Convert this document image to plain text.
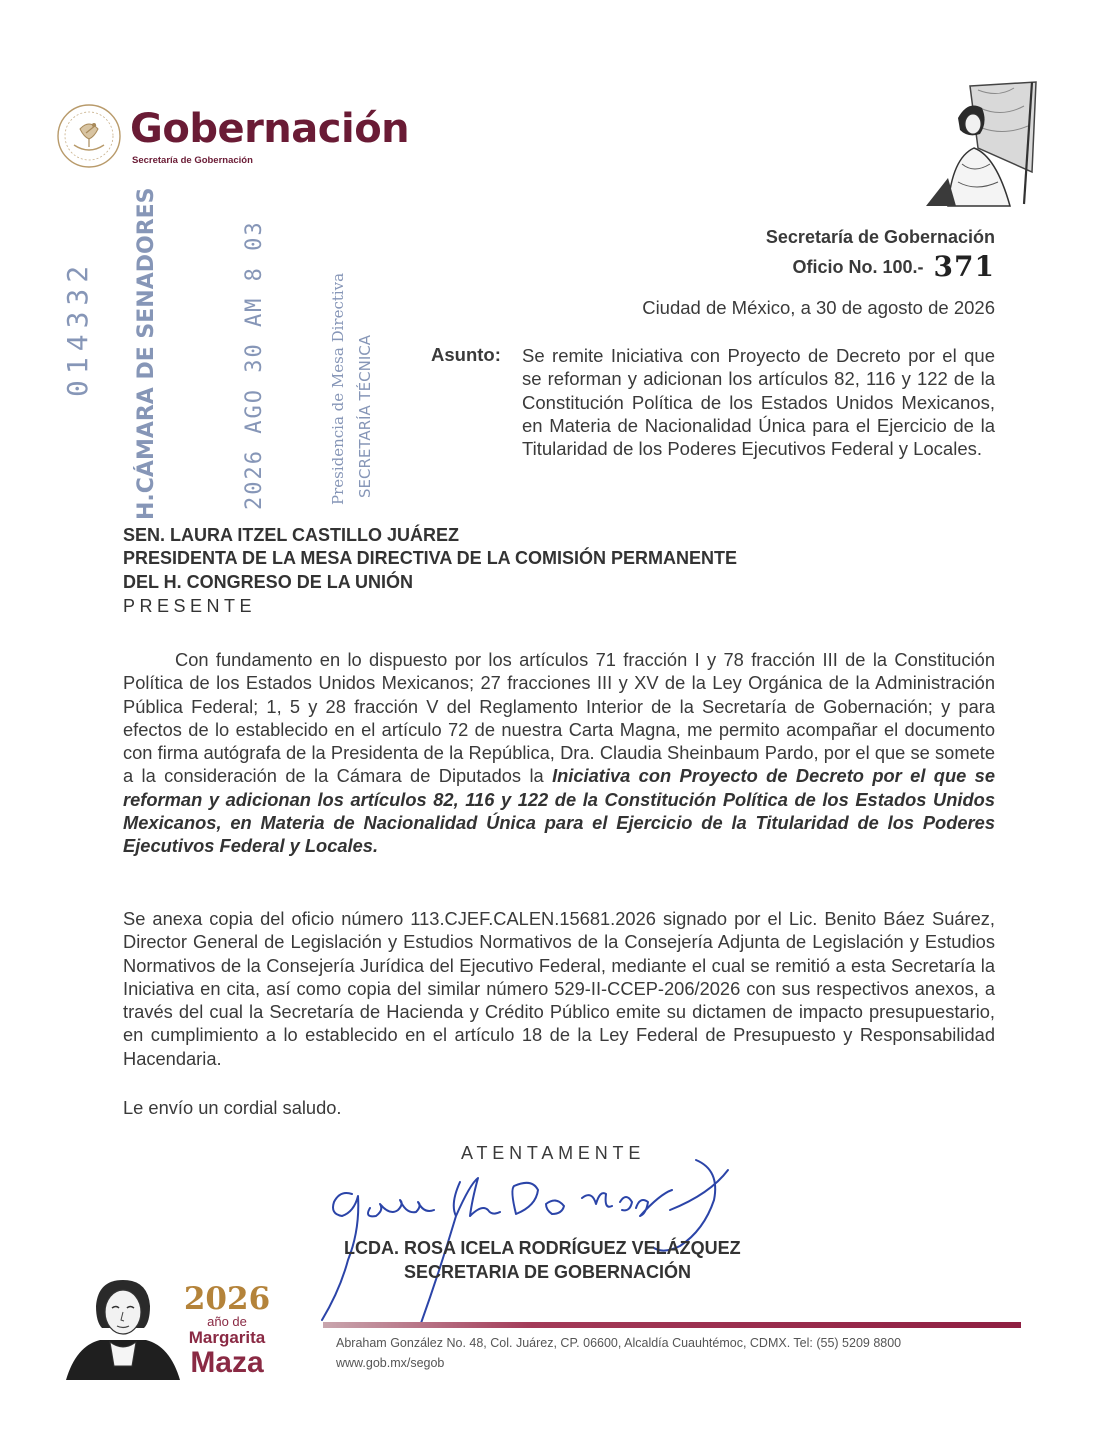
Gobernación
Secretaría de Gobernación
014332 H.CÁMARA DE SENADORES	2026 AGO 30 AM 8 03	Presidencia de Mesa Directiva SECRETARÍA TÉCNICA
Secretaría de Gobernación
Oficio No. 100.- 371
Ciudad de México, a 30 de agosto de 2026
Asunto: Se remite Iniciativa con Proyecto de Decreto por el que se reforman y adicionan los artículos 82, 116 y 122 de la Constitución Política de los Estados Unidos Mexicanos, en Materia de Nacionalidad Única para el Ejercicio de la Titularidad de los Poderes Ejecutivos Federal y Locales.
SEN. LAURA ITZEL CASTILLO JUÁREZ
PRESIDENTA DE LA MESA DIRECTIVA DE LA COMISIÓN PERMANENTE
DEL H. CONGRESO DE LA UNIÓN
PRESENTE
Con fundamento en lo dispuesto por los artículos 71 fracción I y 78 fracción III de la Constitución Política de los Estados Unidos Mexicanos; 27 fracciones III y XV de la Ley Orgánica de la Administración Pública Federal; 1, 5 y 28 fracción V del Reglamento Interior de la Secretaría de Gobernación; y para efectos de lo establecido en el artículo 72 de nuestra Carta Magna, me permito acompañar el documento con firma autógrafa de la Presidenta de la República, Dra. Claudia Sheinbaum Pardo, por el que se somete a la consideración de la Cámara de Diputados la Iniciativa con Proyecto de Decreto por el que se reforman y adicionan los artículos 82, 116 y 122 de la Constitución Política de los Estados Unidos Mexicanos, en Materia de Nacionalidad Única para el Ejercicio de la Titularidad de los Poderes Ejecutivos Federal y Locales.
Se anexa copia del oficio número 113.CJEF.CALEN.15681.2026 signado por el Lic. Benito Báez Suárez, Director General de Legislación y Estudios Normativos de la Consejería Adjunta de Legislación y Estudios Normativos de la Consejería Jurídica del Ejecutivo Federal, mediante el cual se remitió a esta Secretaría la Iniciativa en cita, así como copia del similar número 529-II-CCEP-206/2026 con sus respectivos anexos, a través del cual la Secretaría de Hacienda y Crédito Público emite su dictamen de impacto presupuestario, en cumplimiento a lo establecido en el artículo 18 de la Ley Federal de Presupuesto y Responsabilidad Hacendaria.
Le envío un cordial saludo.
ATENTAMENTE
LCDA. ROSA ICELA RODRÍGUEZ VELÁZQUEZ
SECRETARIA DE GOBERNACIÓN
2026
año de
Margarita
Maza
Abraham González No. 48, Col. Juárez, CP. 06600, Alcaldía Cuauhtémoc, CDMX. Tel: (55) 5209 8800
www.gob.mx/segob
